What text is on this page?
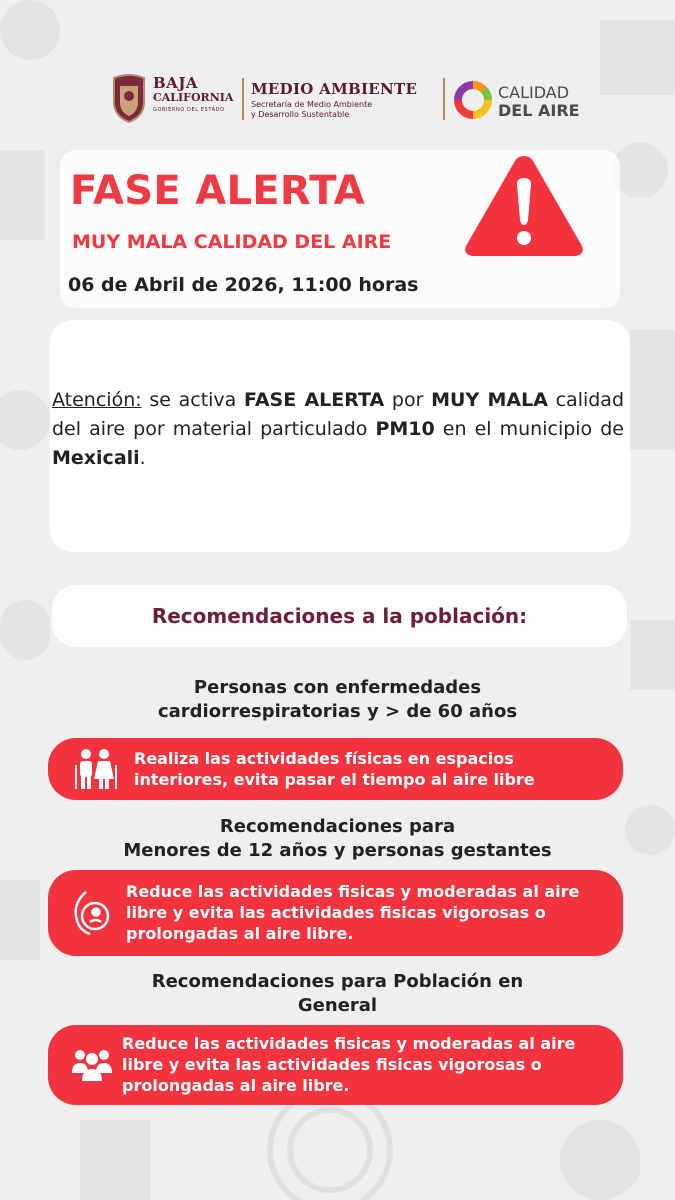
BAJA
CALIFORNIA
GOBIERNO DEL ESTADO
MEDIO AMBIENTE
Secretaría de Medio Ambiente
y Desarrollo Sustentable
CALIDAD
DEL AIRE
FASE ALERTA
MUY MALA CALIDAD DEL AIRE
06 de Abril de 2026, 11:00 horas
Atención: se activa FASE ALERTA por MUY MALA calidad del aire por material particulado PM10 en el municipio de Mexicali.
Recomendaciones a la población:
Personas con enfermedades
cardiorrespiratorias y > de 60 años
Realiza las actividades físicas en espacios
interiores, evita pasar el tiempo al aire libre
Recomendaciones para
Menores de 12 años y personas gestantes
Reduce las actividades fisicas y moderadas al aire
libre y evita las actividades fisicas vigorosas o
prolongadas al aire libre.
Recomendaciones para Población en
General
Reduce las actividades fisicas y moderadas al aire
libre y evita las actividades fisicas vigorosas o
prolongadas al aire libre.
